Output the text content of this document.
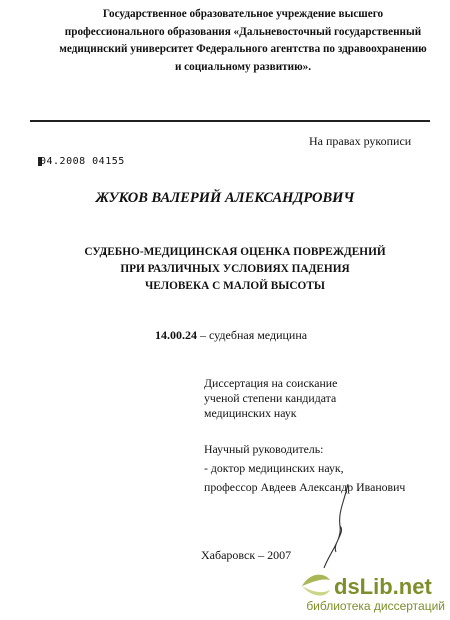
Государственное образовательное учреждение высшего
профессионального образования «Дальневосточный государственный
медицинский университет Федерального агентства по здравоохранению
и социальному развитию».
На правах рукописи
04.2008 04155
ЖУКОВ ВАЛЕРИЙ АЛЕКСАНДРОВИЧ
СУДЕБНО-МЕДИЦИНСКАЯ ОЦЕНКА ПОВРЕЖДЕНИЙ
ПРИ РАЗЛИЧНЫХ УСЛОВИЯХ ПАДЕНИЯ
ЧЕЛОВЕКА С МАЛОЙ ВЫСОТЫ
14.00.24 – судебная медицина
Диссертация на соискание
ученой степени кандидата
медицинских наук
Научный руководитель:
- доктор медицинских наук,
профессор Авдеев Александр Иванович
Хабаровск – 2007
dsLib.net
библиотека диссертаций
